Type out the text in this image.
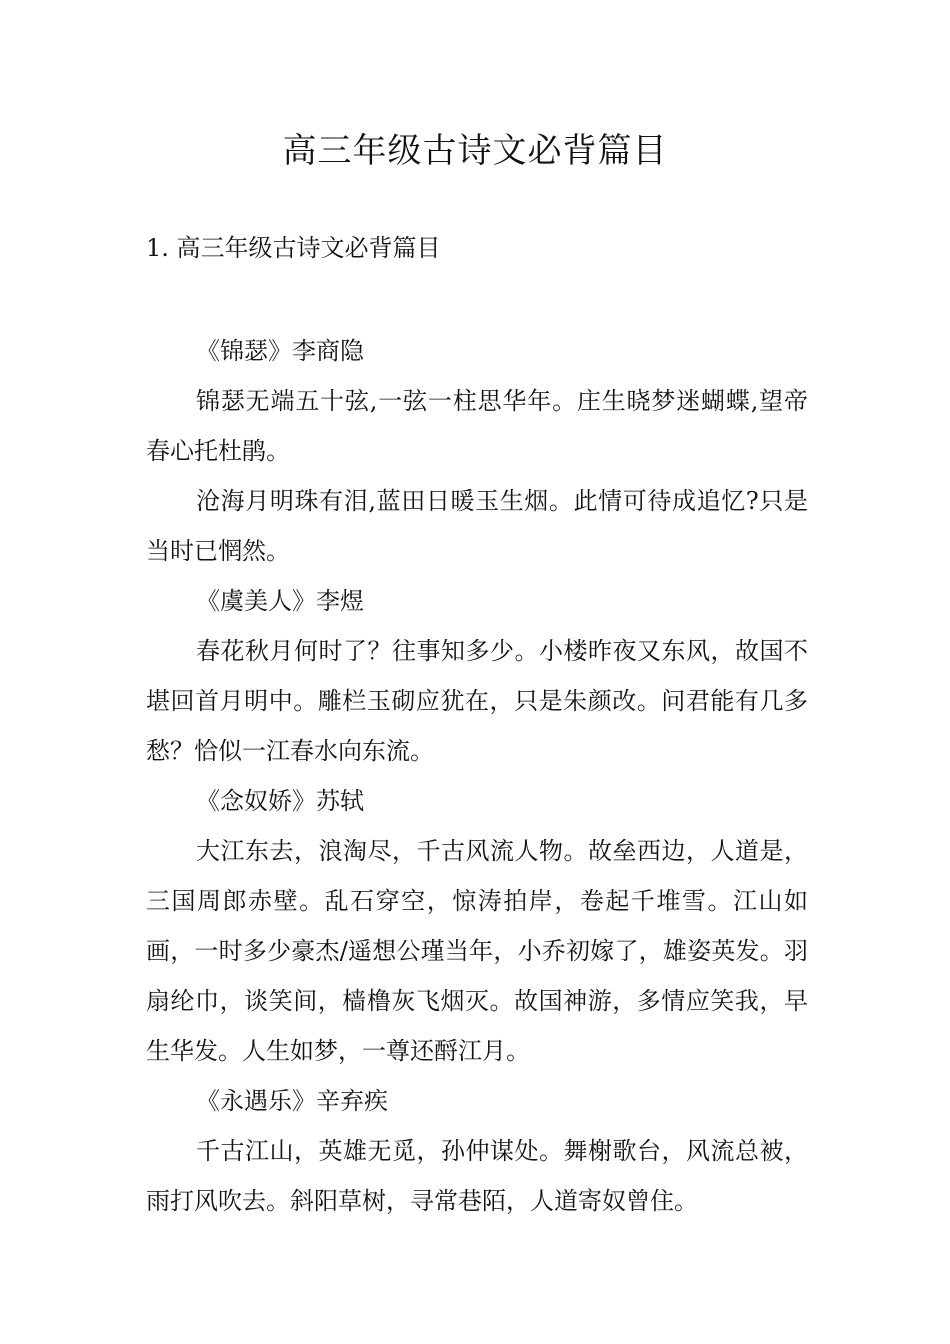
高三年级古诗文必背篇目
1. 高三年级古诗文必背篇目

《锦瑟》李商隐

锦瑟无端五十弦,一弦一柱思华年。庄生晓梦迷蝴蝶,望帝春心托杜鹃。

沧海月明珠有泪,蓝田日暖玉生烟。此情可待成追忆?只是当时已惘然。

《虞美人》李煜

春花秋月何时了？往事知多少。小楼昨夜又东风，故国不堪回首月明中。雕栏玉砌应犹在，只是朱颜改。问君能有几多愁？恰似一江春水向东流。

《念奴娇》苏轼

大江东去，浪淘尽，千古风流人物。故垒西边，人道是，三国周郎赤壁。乱石穿空，惊涛拍岸，卷起千堆雪。江山如画，一时多少豪杰/遥想公瑾当年，小乔初嫁了，雄姿英发。羽扇纶巾，谈笑间，樯橹灰飞烟灭。故国神游，多情应笑我，早生华发。人生如梦，一尊还酹江月。

《永遇乐》辛弃疾

千古江山，英雄无觅，孙仲谋处。舞榭歌台，风流总被，雨打风吹去。斜阳草树，寻常巷陌，人道寄奴曾住。
